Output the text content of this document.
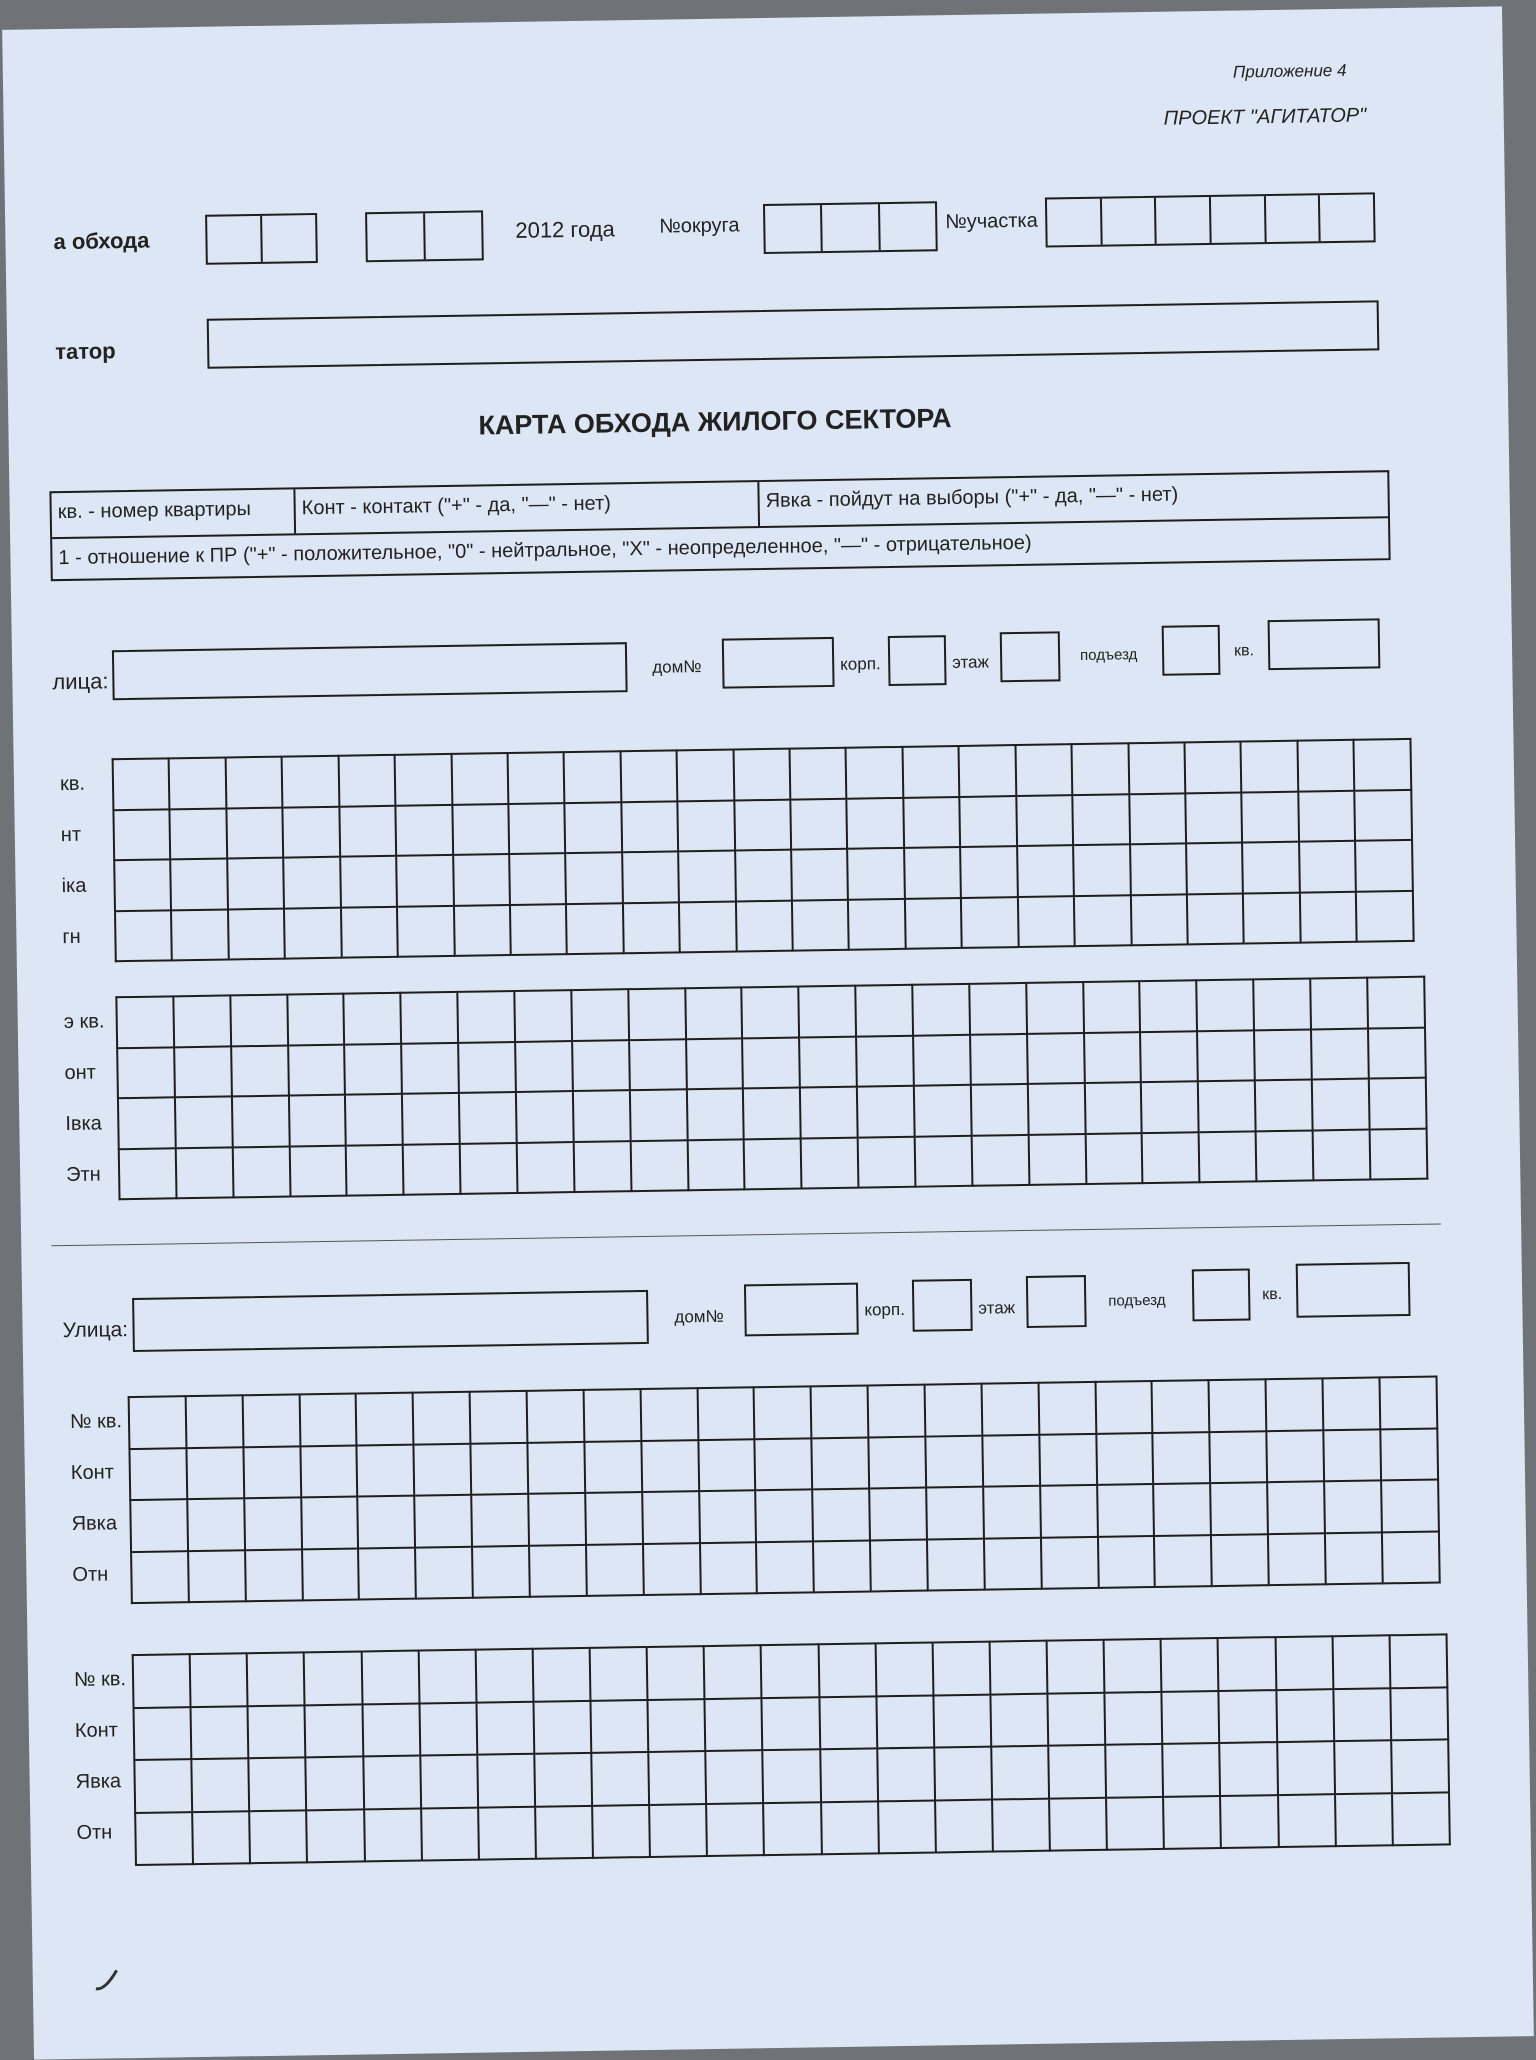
Приложение 4
ПРОЕКТ "АГИТАТОР"
а обхода	2012 года №округа	№участка
татор
КАРТА ОБХОДА ЖИЛОГО СЕКТОРА
кв. - номер квартиры	Конт - контакт ("+" - да, "—" - нет)	Явка - пойдут на выборы ("+" - да, "—" - нет)
1 - отношение к ПР ("+" - положительное, "0" - нейтральное, "X" - неопределенное, "—" - отрицательное)
лица:
дом№	корп.	этаж	подъезд	кв.
кв.
нт
іка
гн

э кв.
онт
Івка
Этн

Улица:
дом№	корп.	этаж	подъезд	кв.
№ кв.
Конт
Явка
Отн

№ кв.
Конт
Явка
Отн
